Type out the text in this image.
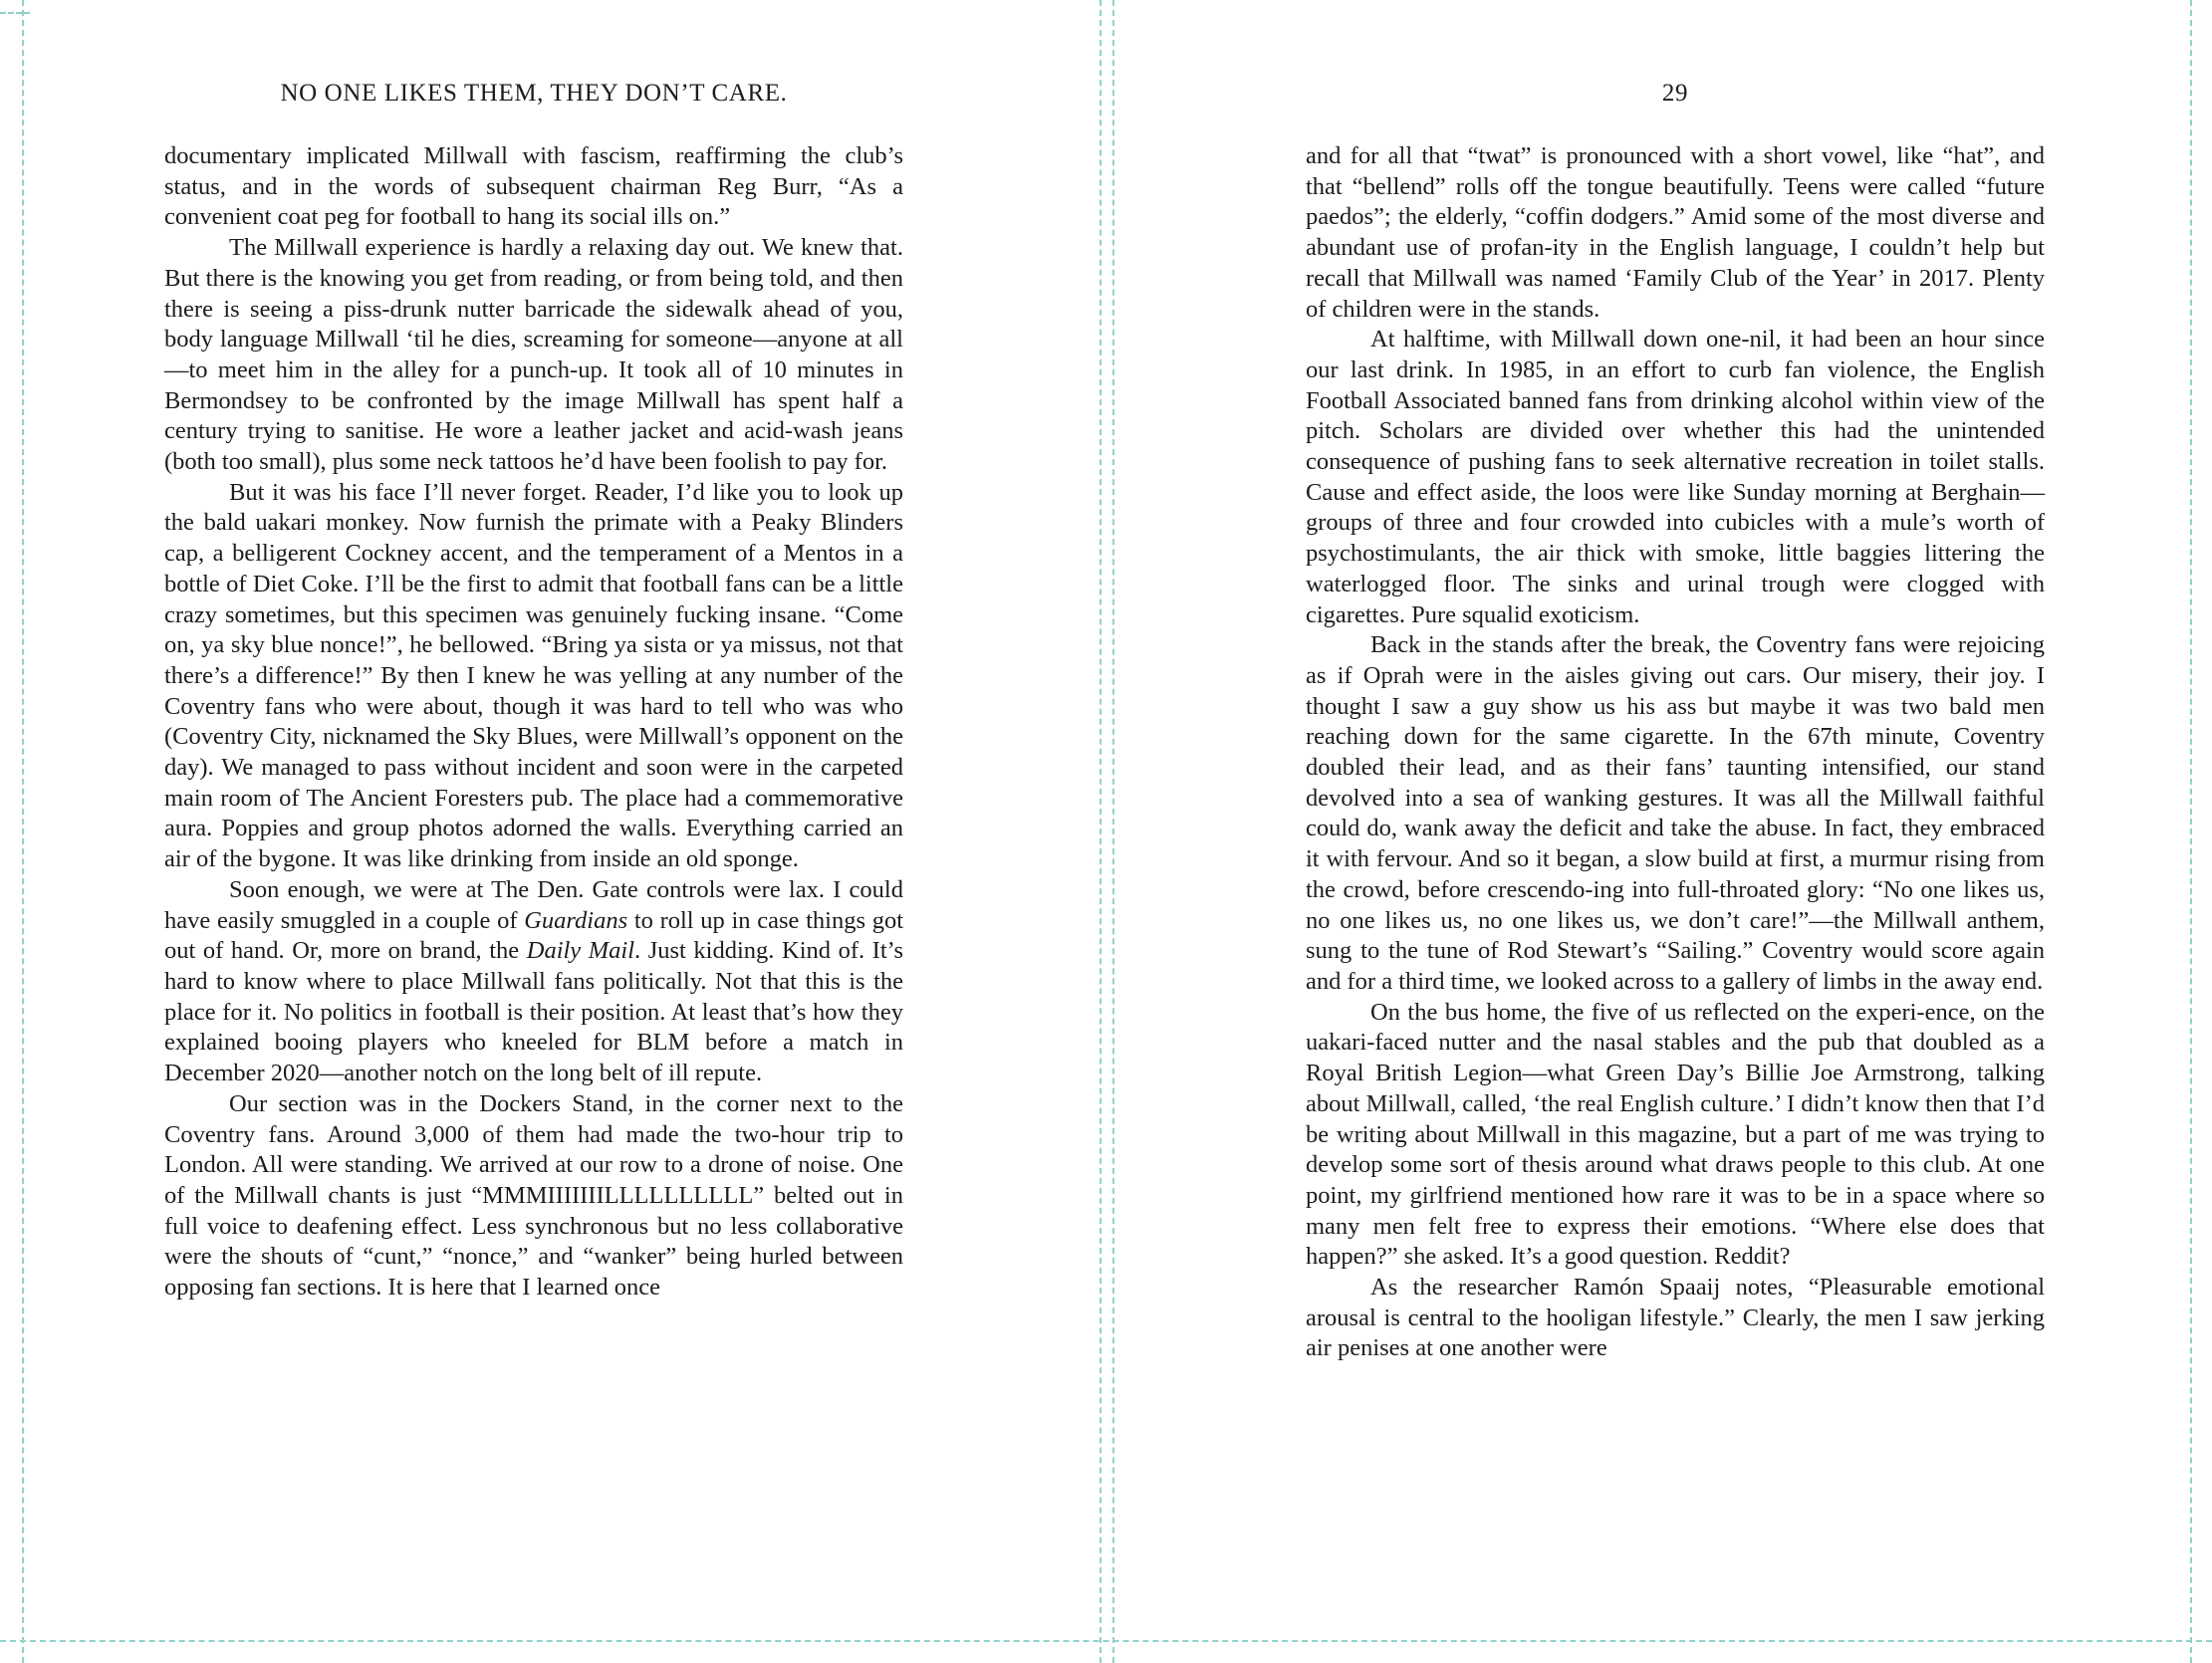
NO ONE LIKES THEM, THEY DON’T CARE.

documentary implicated Millwall with fascism, reaffirming the club’s status, and in the words of subsequent chairman Reg Burr, “As a convenient coat peg for football to hang its social ills on.”

The Millwall experience is hardly a relaxing day out. We knew that. But there is the knowing you get from reading, or from being told, and then there is seeing a piss-drunk nutter barricade the sidewalk ahead of you, body language Millwall ‘til he dies, screaming for someone—anyone at all—to meet him in the alley for a punch-up. It took all of 10 minutes in Bermondsey to be confronted by the image Millwall has spent half a century trying to sanitise. He wore a leather jacket and acid-wash jeans (both too small), plus some neck tattoos he’d have been foolish to pay for.

But it was his face I’ll never forget. Reader, I’d like you to look up the bald uakari monkey. Now furnish the primate with a Peaky Blinders cap, a belligerent Cockney accent, and the temperament of a Mentos in a bottle of Diet Coke. I’ll be the first to admit that football fans can be a little crazy sometimes, but this specimen was genuinely fucking insane. “Come on, ya sky blue nonce!”, he bellowed. “Bring ya sista or ya missus, not that there’s a difference!” By then I knew he was yelling at any number of the Coventry fans who were about, though it was hard to tell who was who (Coventry City, nicknamed the Sky Blues, were Millwall’s opponent on the day). We managed to pass without incident and soon were in the carpeted main room of The Ancient Foresters pub. The place had a commemorative aura. Poppies and group photos adorned the walls. Everything carried an air of the bygone. It was like drinking from inside an old sponge.

Soon enough, we were at The Den. Gate controls were lax. I could have easily smuggled in a couple of Guardians to roll up in case things got out of hand. Or, more on brand, the Daily Mail. Just kidding. Kind of. It’s hard to know where to place Millwall fans politically. Not that this is the place for it. No politics in football is their position. At least that’s how they explained booing players who kneeled for BLM before a match in December 2020—another notch on the long belt of ill repute.

Our section was in the Dockers Stand, in the corner next to the Coventry fans. Around 3,000 of them had made the two-hour trip to London. All were standing. We arrived at our row to a drone of noise. One of the Millwall chants is just “MMMIIIIIIILLLLLLLLLL” belted out in full voice to deafening effect. Less synchronous but no less collaborative were the shouts of “cunt,” “nonce,” and “wanker” being hurled between opposing fan sections. It is here that I learned once

29

and for all that “twat” is pronounced with a short vowel, like “hat”, and that “bellend” rolls off the tongue beautifully. Teens were called “future paedos”; the elderly, “coffin dodgers.” Amid some of the most diverse and abundant use of profan-ity in the English language, I couldn’t help but recall that Millwall was named ‘Family Club of the Year’ in 2017. Plenty of children were in the stands.

At halftime, with Millwall down one-nil, it had been an hour since our last drink. In 1985, in an effort to curb fan violence, the English Football Associated banned fans from drinking alcohol within view of the pitch. Scholars are divided over whether this had the unintended consequence of pushing fans to seek alternative recreation in toilet stalls. Cause and effect aside, the loos were like Sunday morning at Berghain—groups of three and four crowded into cubicles with a mule’s worth of psychostimulants, the air thick with smoke, little baggies littering the waterlogged floor. The sinks and urinal trough were clogged with cigarettes. Pure squalid exoticism.

Back in the stands after the break, the Coventry fans were rejoicing as if Oprah were in the aisles giving out cars. Our misery, their joy. I thought I saw a guy show us his ass but maybe it was two bald men reaching down for the same cigarette. In the 67th minute, Coventry doubled their lead, and as their fans’ taunting intensified, our stand devolved into a sea of wanking gestures. It was all the Millwall faithful could do, wank away the deficit and take the abuse. In fact, they embraced it with fervour. And so it began, a slow build at first, a murmur rising from the crowd, before crescendo-ing into full-throated glory: “No one likes us, no one likes us, no one likes us, we don’t care!”—the Millwall anthem, sung to the tune of Rod Stewart’s “Sailing.” Coventry would score again and for a third time, we looked across to a gallery of limbs in the away end.

On the bus home, the five of us reflected on the experi-ence, on the uakari-faced nutter and the nasal stables and the pub that doubled as a Royal British Legion—what Green Day’s Billie Joe Armstrong, talking about Millwall, called, ‘the real English culture.’ I didn’t know then that I’d be writing about Millwall in this magazine, but a part of me was trying to develop some sort of thesis around what draws people to this club. At one point, my girlfriend mentioned how rare it was to be in a space where so many men felt free to express their emotions. “Where else does that happen?” she asked. It’s a good question. Reddit?

As the researcher Ramón Spaaij notes, “Pleasurable emotional arousal is central to the hooligan lifestyle.” Clearly, the men I saw jerking air penises at one another were
